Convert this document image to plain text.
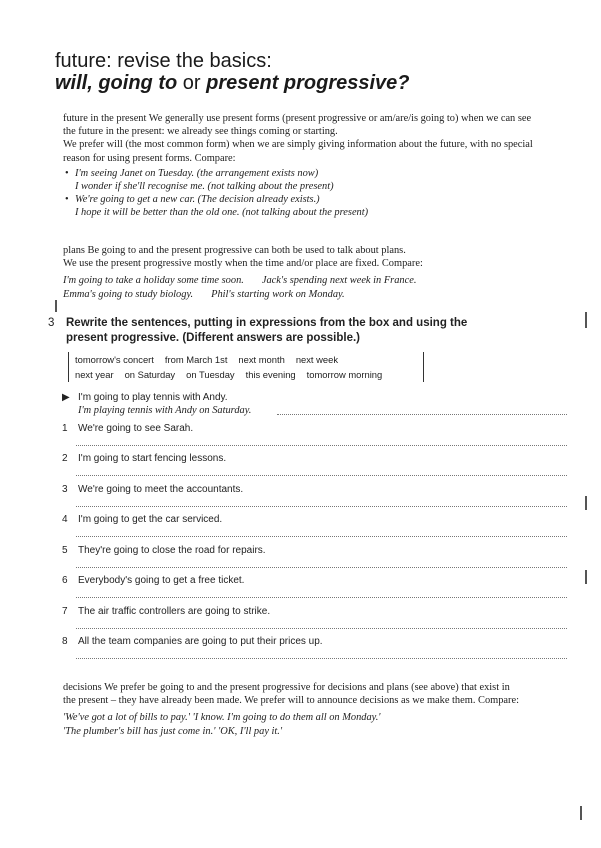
future: revise the basics:
will, going to or present progressive?

future in the present We generally use present forms (present progressive or am/are/is going to) when we can see the future in the present: we already see things coming or starting.

We prefer will (the most common form) when we are simply giving information about the future, with no special reason for using present forms. Compare:

• I'm seeing Janet on Tuesday. (the arrangement exists now)
I wonder if she'll recognise me. (not talking about the present)
• We're going to get a new car. (The decision already exists.)
I hope it will be better than the old one. (not talking about the present)

plans Be going to and the present progressive can both be used to talk about plans.

We use the present progressive mostly when the time and/or place are fixed. Compare:

I'm going to take a holiday some time soon. Jack's spending next week in France.
Emma's going to study biology. Phil's starting work on Monday.
3 Rewrite the sentences, putting in expressions from the box and using the
present progressive. (Different answers are possible.)
tomorrow's concert from March 1st next month next week
next year on Saturday on Tuesday this evening tomorrow morning
▶ I'm going to play tennis with Andy.
I'm playing tennis with Andy on Saturday.
1	We're going to see Sarah.
2	I'm going to start fencing lessons.
3	We're going to meet the accountants.
4	I'm going to get the car serviced.
5	They're going to close the road for repairs.
6	Everybody's going to get a free ticket.
7	The air traffic controllers are going to strike.
8	All the team companies are going to put their prices up.

decisions We prefer be going to and the present progressive for decisions and plans (see above) that exist in the present – they have already been made. We prefer will to announce decisions as we make them. Compare:

'We've got a lot of bills to pay.' 'I know. I'm going to do them all on Monday.'

'The plumber's bill has just come in.' 'OK, I'll pay it.'
